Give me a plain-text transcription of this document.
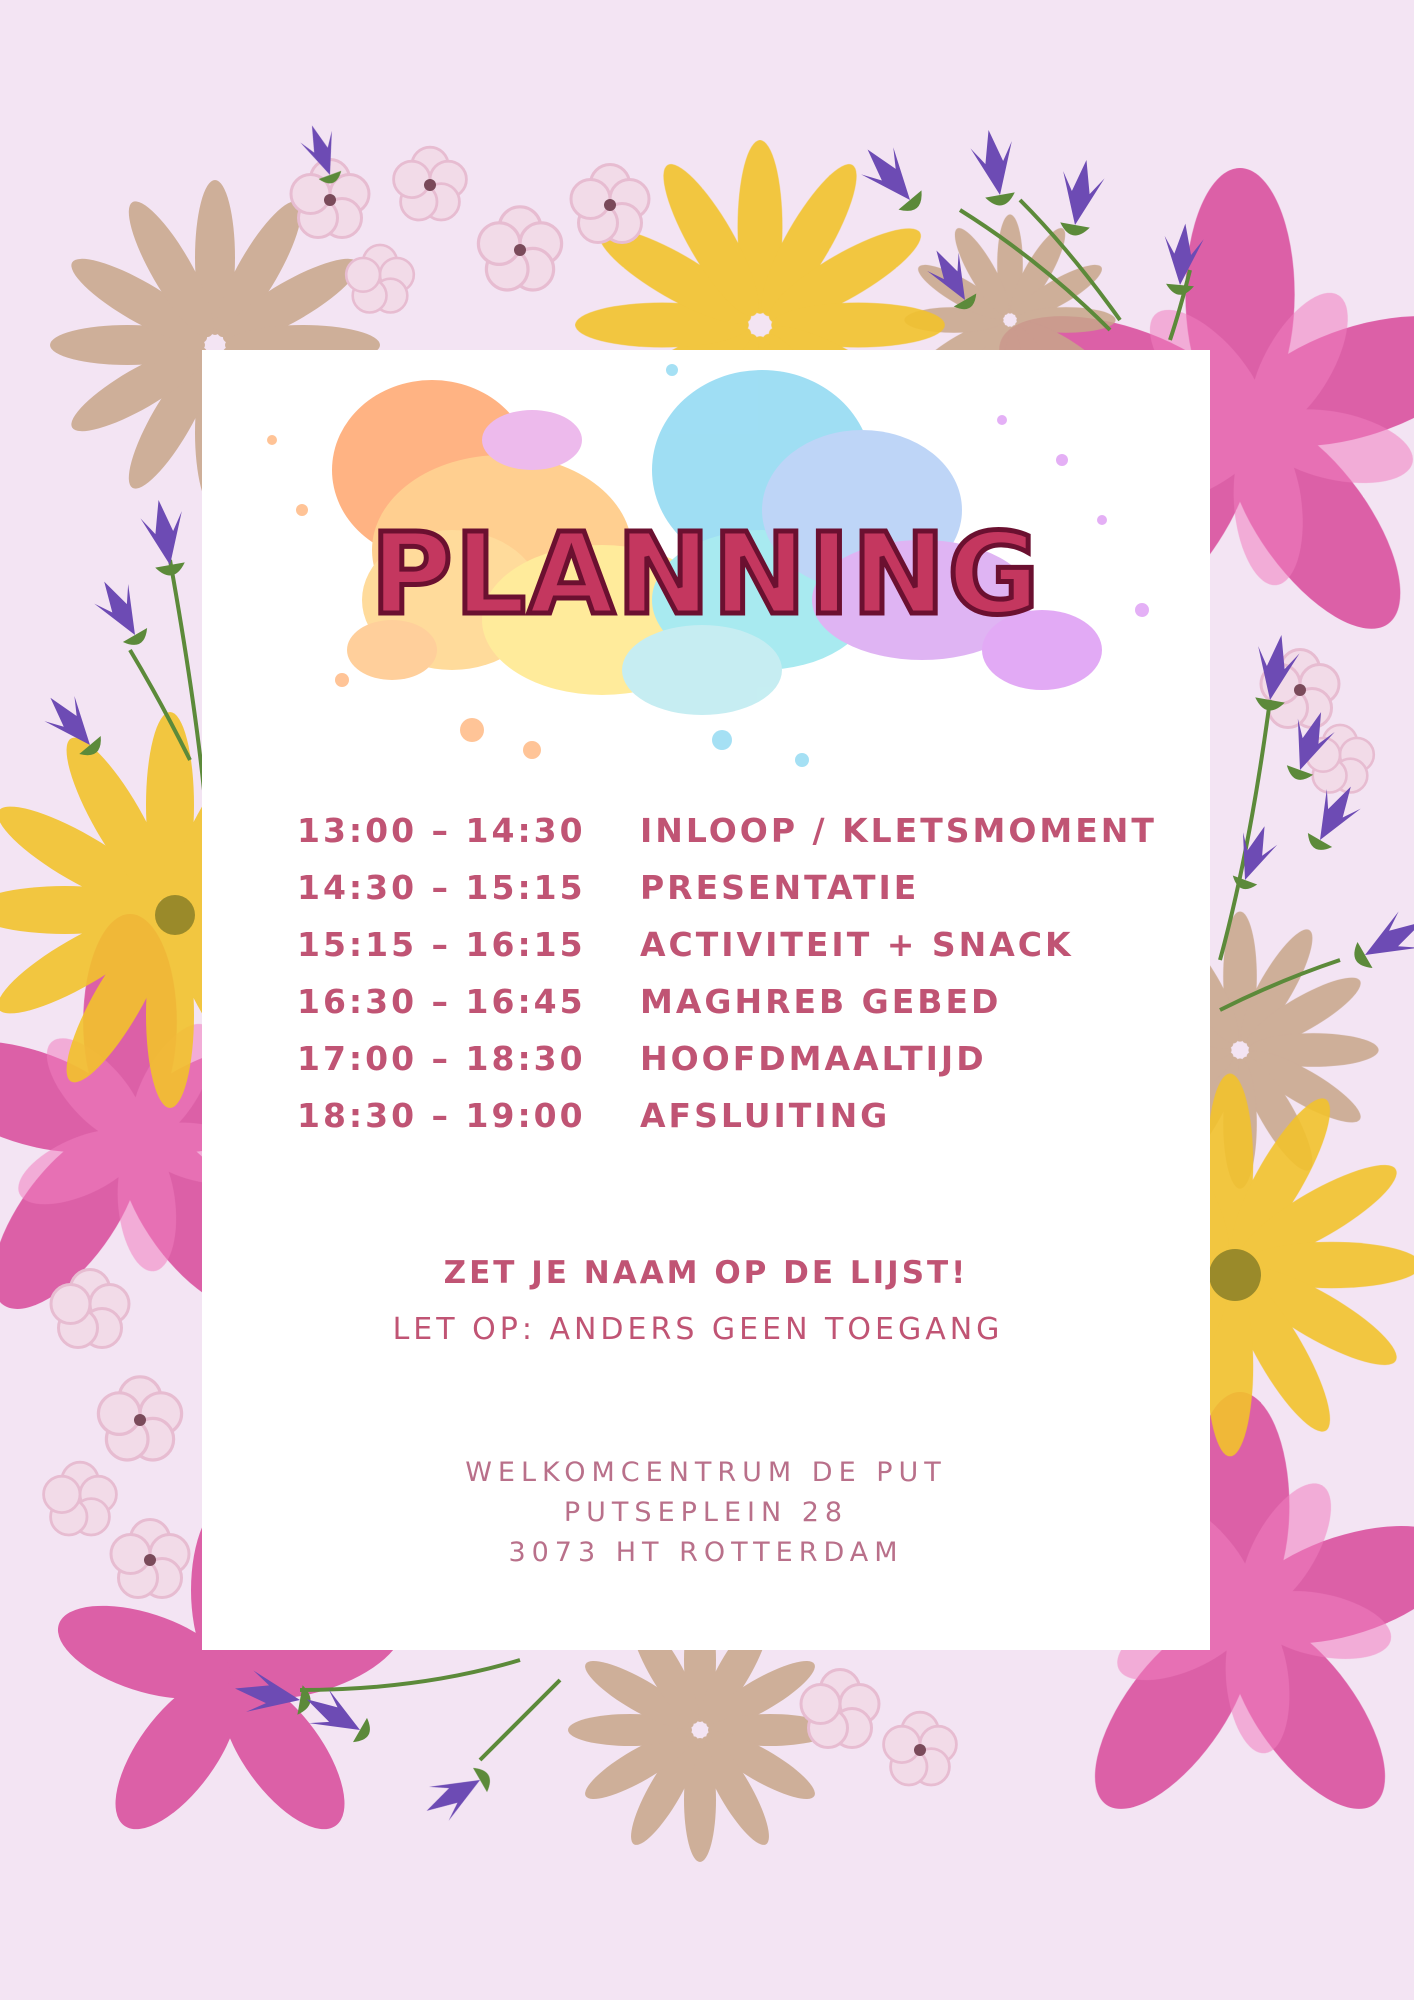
PLANNING
13:00 – 14:30	INLOOP / KLETSMOMENT
14:30 – 15:15	PRESENTATIE
15:15 – 16:15	ACTIVITEIT + SNACK
16:30 – 16:45	MAGHREB GEBED
17:00 – 18:30	HOOFDMAALTIJD
18:30 – 19:00	AFSLUITING
ZET JE NAAM OP DE LIJST!
LET OP: ANDERS GEEN TOEGANG
WELKOMCENTRUM DE PUT
PUTSEPLEIN 28
3073 HT ROTTERDAM
